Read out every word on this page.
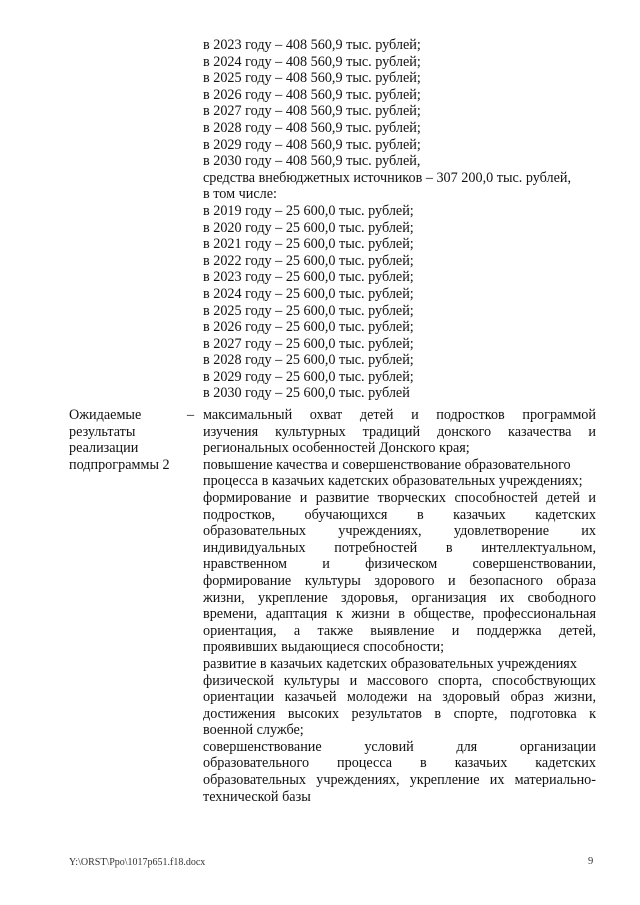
в 2023 году – 408 560,9 тыс. рублей;
в 2024 году – 408 560,9 тыс. рублей;
в 2025 году – 408 560,9 тыс. рублей;
в 2026 году – 408 560,9 тыс. рублей;
в 2027 году – 408 560,9 тыс. рублей;
в 2028 году – 408 560,9 тыс. рублей;
в 2029 году – 408 560,9 тыс. рублей;
в 2030 году – 408 560,9 тыс. рублей,
средства внебюджетных источников – 307 200,0 тыс. рублей,
в том числе:
в 2019 году – 25 600,0 тыс. рублей;
в 2020 году – 25 600,0 тыс. рублей;
в 2021 году – 25 600,0 тыс. рублей;
в 2022 году – 25 600,0 тыс. рублей;
в 2023 году – 25 600,0 тыс. рублей;
в 2024 году – 25 600,0 тыс. рублей;
в 2025 году – 25 600,0 тыс. рублей;
в 2026 году – 25 600,0 тыс. рублей;
в 2027 году – 25 600,0 тыс. рублей;
в 2028 году – 25 600,0 тыс. рублей;
в 2029 году – 25 600,0 тыс. рублей;
в 2030 году – 25 600,0 тыс. рублей
Ожидаемые
результаты
реализации
подпрограммы 2
– максимальный охват детей и подростков программой
изучения культурных традиций донского казачества и
региональных особенностей Донского края;
повышение качества и совершенствование образовательного
процесса в казачьих кадетских образовательных учреждениях;
формирование и развитие творческих способностей детей и
подростков, обучающихся в казачьих кадетских
образовательных учреждениях, удовлетворение их
индивидуальных потребностей в интеллектуальном,
нравственном и физическом совершенствовании,
формирование культуры здорового и безопасного образа
жизни, укрепление здоровья, организация их свободного
времени, адаптация к жизни в обществе, профессиональная
ориентация, а также выявление и поддержка детей,
проявивших выдающиеся способности;
развитие в казачьих кадетских образовательных учреждениях
физической культуры и массового спорта, способствующих
ориентации казачьей молодежи на здоровый образ жизни,
достижения высоких результатов в спорте, подготовка к
военной службе;
совершенствование условий для организации
образовательного процесса в казачьих кадетских
образовательных учреждениях, укрепление их материально-
технической базы
Y:\ORST\Ppo\1017p651.f18.docx	9
